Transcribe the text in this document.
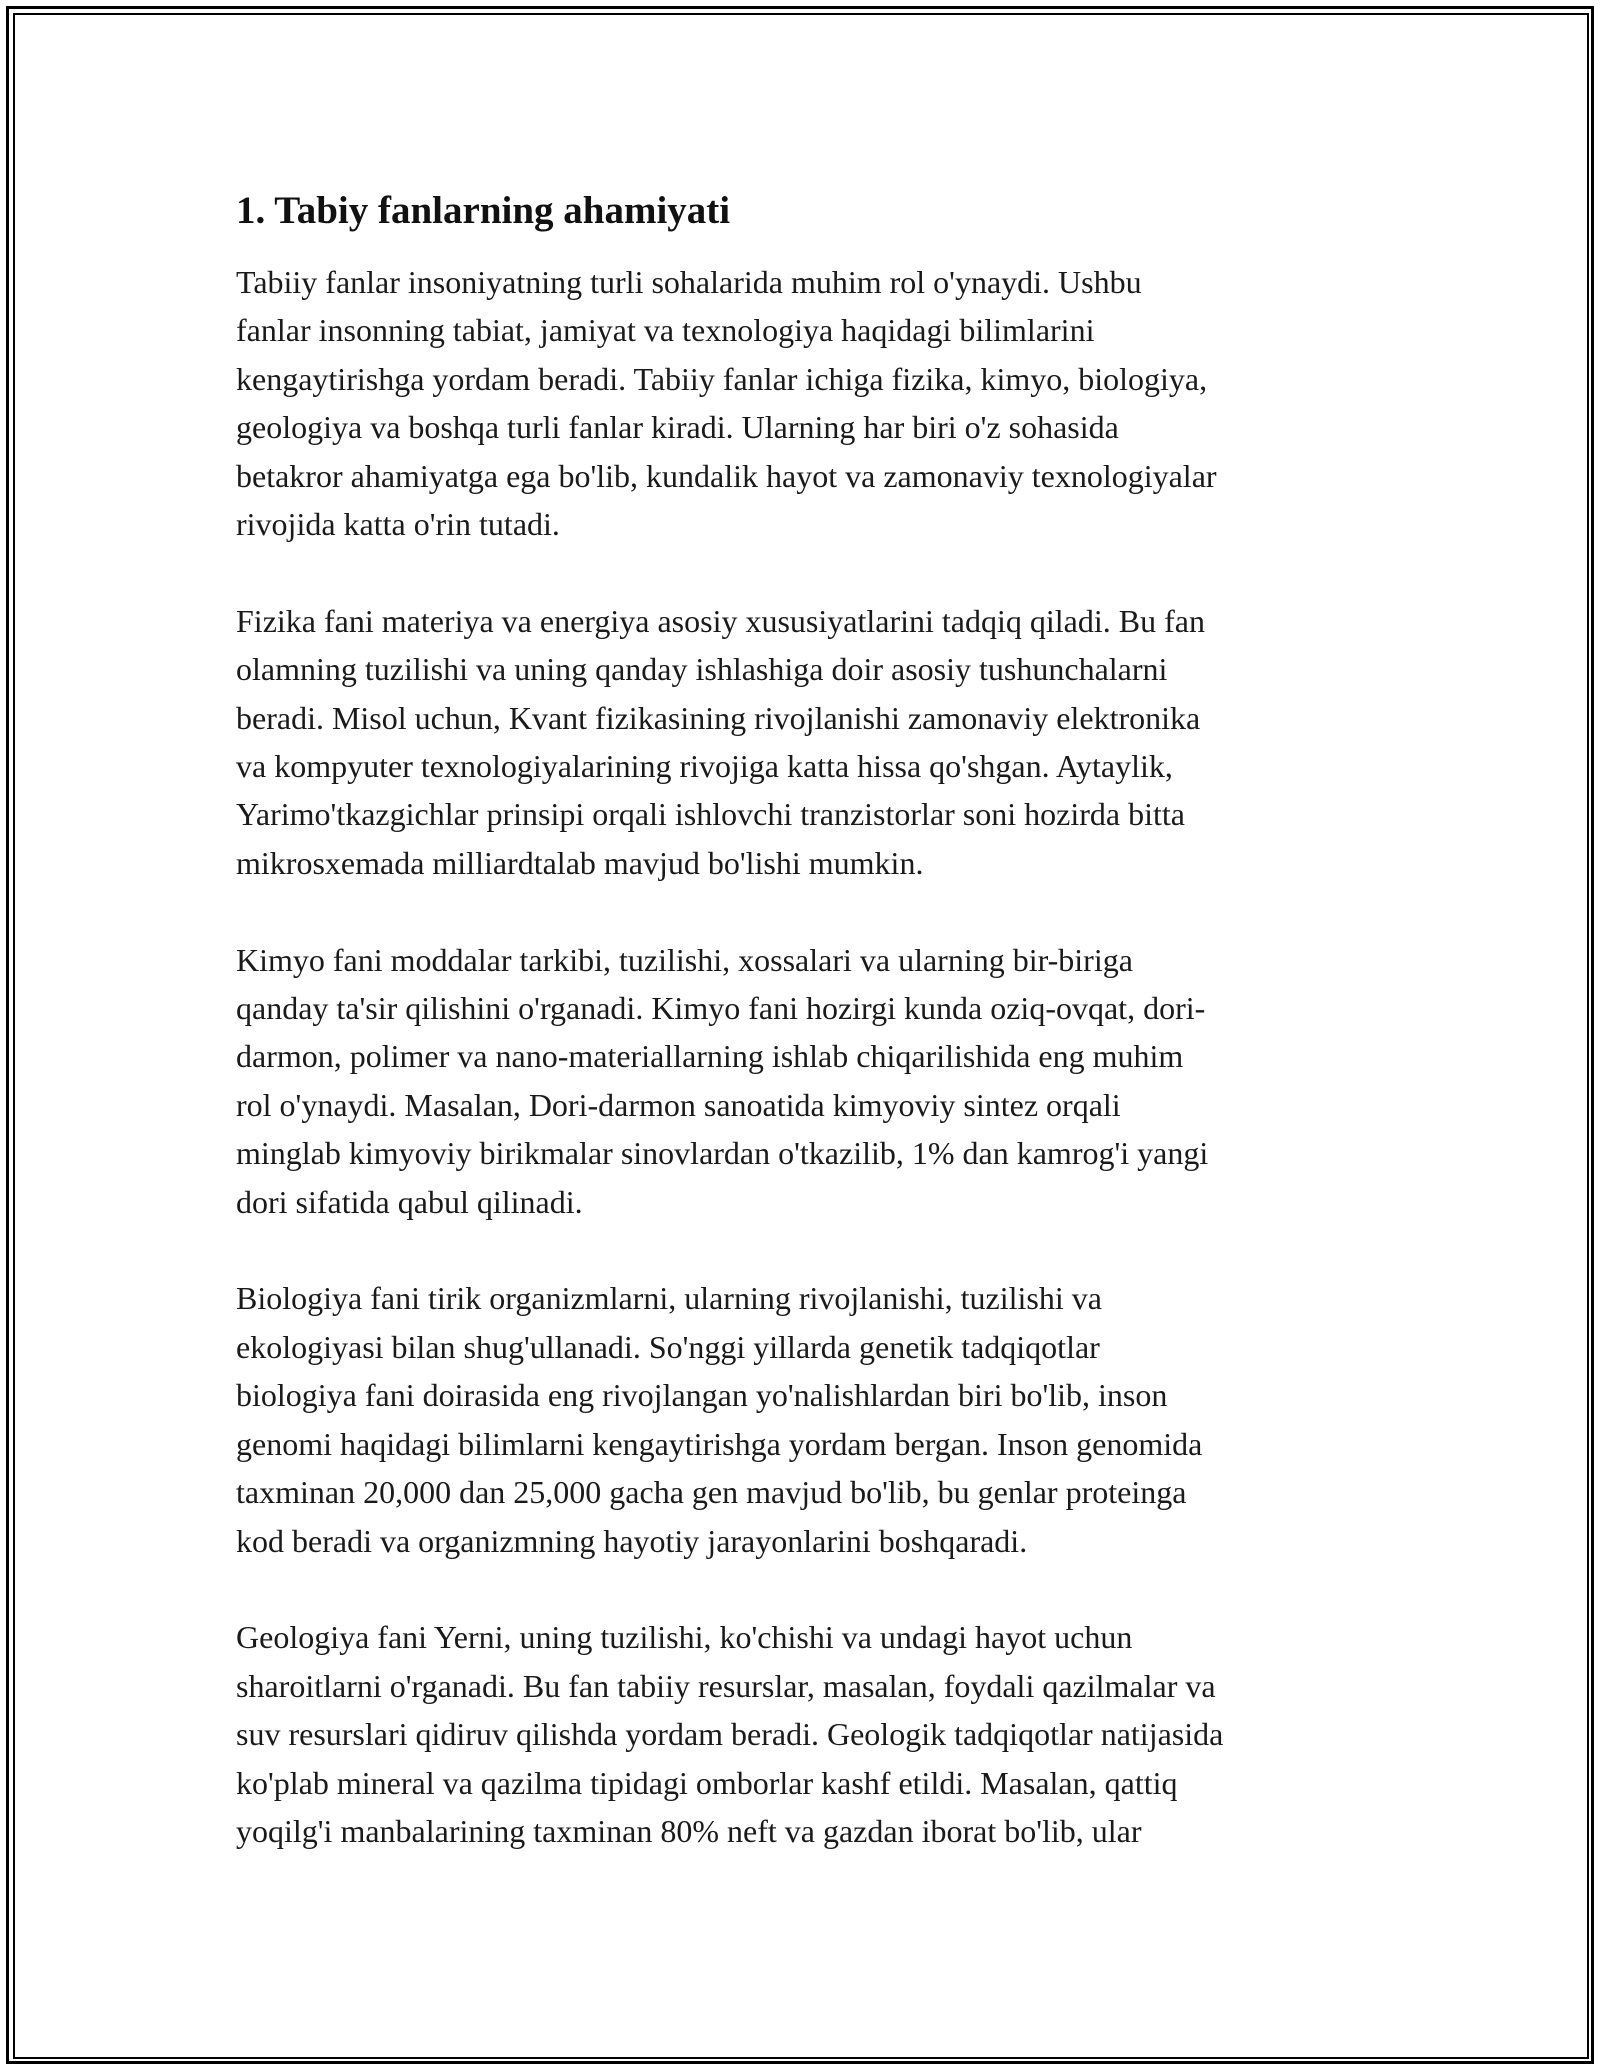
1. Tabiy fanlarning ahamiyati

Tabiiy fanlar insoniyatning turli sohalarida muhim rol o'ynaydi. Ushbu
fanlar insonning tabiat, jamiyat va texnologiya haqidagi bilimlarini
kengaytirishga yordam beradi. Tabiiy fanlar ichiga fizika, kimyo, biologiya,
geologiya va boshqa turli fanlar kiradi. Ularning har biri o'z sohasida
betakror ahamiyatga ega bo'lib, kundalik hayot va zamonaviy texnologiyalar
rivojida katta o'rin tutadi.

Fizika fani materiya va energiya asosiy xususiyatlarini tadqiq qiladi. Bu fan
olamning tuzilishi va uning qanday ishlashiga doir asosiy tushunchalarni
beradi. Misol uchun, Kvant fizikasining rivojlanishi zamonaviy elektronika
va kompyuter texnologiyalarining rivojiga katta hissa qo'shgan. Aytaylik,
Yarimo'tkazgichlar prinsipi orqali ishlovchi tranzistorlar soni hozirda bitta
mikrosxemada milliardtalab mavjud bo'lishi mumkin.

Kimyo fani moddalar tarkibi, tuzilishi, xossalari va ularning bir-biriga
qanday ta'sir qilishini o'rganadi. Kimyo fani hozirgi kunda oziq-ovqat, dori-
darmon, polimer va nano-materiallarning ishlab chiqarilishida eng muhim
rol o'ynaydi. Masalan, Dori-darmon sanoatida kimyoviy sintez orqali
minglab kimyoviy birikmalar sinovlardan o'tkazilib, 1% dan kamrog'i yangi
dori sifatida qabul qilinadi.

Biologiya fani tirik organizmlarni, ularning rivojlanishi, tuzilishi va
ekologiyasi bilan shug'ullanadi. So'nggi yillarda genetik tadqiqotlar
biologiya fani doirasida eng rivojlangan yo'nalishlardan biri bo'lib, inson
genomi haqidagi bilimlarni kengaytirishga yordam bergan. Inson genomida
taxminan 20,000 dan 25,000 gacha gen mavjud bo'lib, bu genlar proteinga
kod beradi va organizmning hayotiy jarayonlarini boshqaradi.

Geologiya fani Yerni, uning tuzilishi, ko'chishi va undagi hayot uchun
sharoitlarni o'rganadi. Bu fan tabiiy resurslar, masalan, foydali qazilmalar va
suv resurslari qidiruv qilishda yordam beradi. Geologik tadqiqotlar natijasida
ko'plab mineral va qazilma tipidagi omborlar kashf etildi. Masalan, qattiq
yoqilg'i manbalarining taxminan 80% neft va gazdan iborat bo'lib, ular
